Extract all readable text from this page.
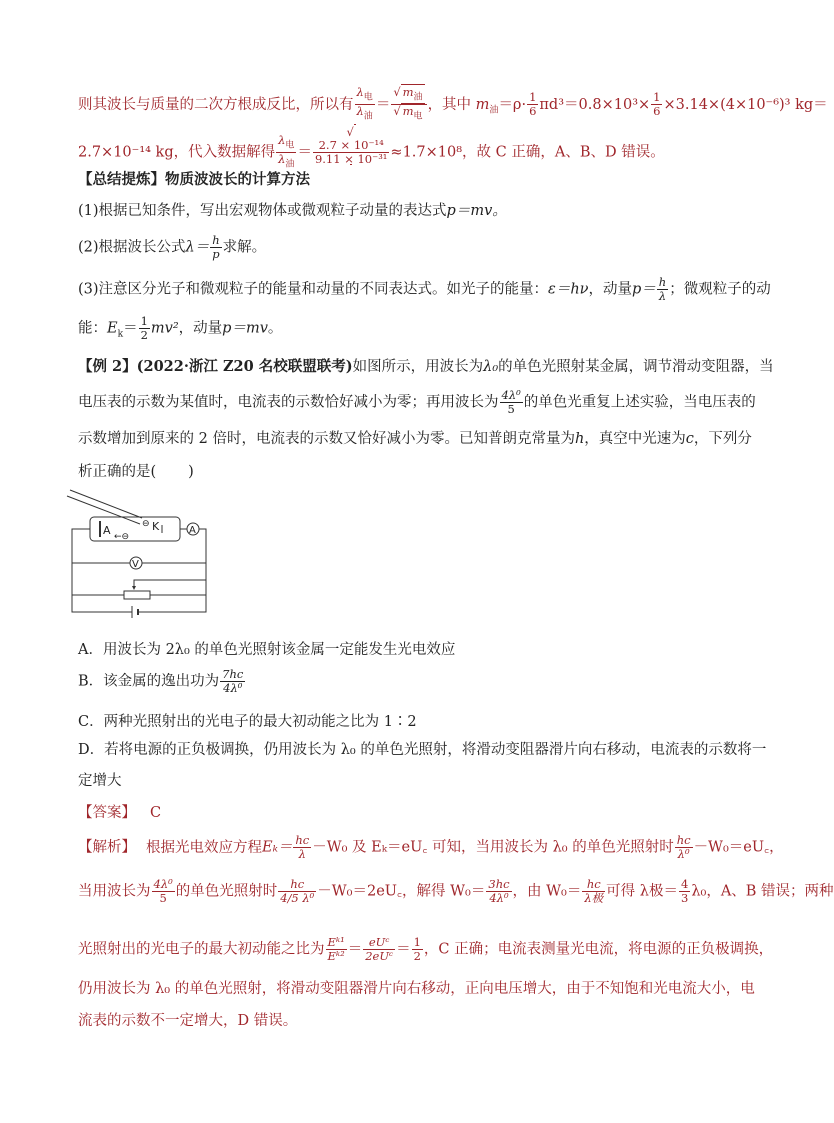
则其波长与质量的二次方根成反比，所以有 $\frac{\lambda_电}{\lambda_油} = \frac{√ m_油}{√ m_电}$ ，其中 $m_油=\rho\cdot \frac{1}{6} \pi d^3=0.8\times 10^3\times \frac{1}{6} \times 3.14\times(4\times 10^{-6})^3$ kg＝
2.7×10⁻¹⁴ kg，代入数据解得 $\frac{\lambda_电}{\lambda_油}$ ＝√
2.7 × 10⁻¹⁴
9.11 × 10⁻³¹ ≈1.7×10⁸，故 C 正确，A、B、D 错误。
【总结提炼】物质波波长的计算方法
(1)根据已知条件，写出宏观物体或微观粒子动量的表达式p＝mv。
(2)根据波长公式$\lambda= \frac{h}{p}$ 求解。
(3)注意区分光子和微观粒子的能量和动量的不同表达式。如光子的能量：ε＝hν，动量$p= \frac{h}{\lambda}$ ；微观粒子的动
能：$E_k= \frac{1}{2} mv^2$，动量p＝mv。
【例 2】(2022·浙江 Z20 名校联盟联考)如图所示，用波长为λ₀的单色光照射某金属，调节滑动变阻器，当
电压表的示数为某值时，电流表的示数恰好减小为零；再用波长为 $\frac{\text{4λ⁰}}{5}$ 的单色光重复上述实验，当电压表的
示数增加到原来的 2 倍时，电流表的示数又恰好减小为零。已知普朗克常量为h，真空中光速为c，下列分
析正确的是( )
A ←⊖
⊖ K	A
V
A．用波长为 2λ₀ 的单色光照射该金属一定能发生光电效应
B．该金属的逸出功为 $\frac{7hc}{\text{4λ⁰}}$
C．两种光照射出的光电子的最大初动能之比为 1∶2
D．若将电源的正负极调换，仍用波长为 λ₀ 的单色光照射，将滑动变阻器滑片向右移动，电流表的示数将一
定增大
【答案】 C
【解析】 根据光电效应方程$E_k= \frac{hc}{\lambda} -W_0$ 及 Eₖ＝eU꜀ 可知，当用波长为 λ₀ 的单色光照射时 $\frac{hc}{\text{λ⁰}}$ －W₀＝eU꜀，
当用波长为 $\frac{\text{4λ⁰}}{5}$ 的单色光照射时 $\frac{hc}{\text{4/5 λ⁰}}$ －W₀＝2eU꜀，解得 $W_0= \frac{3hc}{\text{4λ⁰}}$ ，由 $W_0= \frac{hc}{\text{λ极}}$ 可得 λ极＝ $\frac{4}{3} \lambda_0$，A、B 错误；两种
光照射出的光电子的最大初动能之比为 $\frac{\text{Eᵏ¹}}{\text{Eᵏ²}} = \frac{\text{eUᶜ}}{\text{2eUᶜ}} = \frac{1}{2}$ ，C 正确；电流表测量光电流，将电源的正负极调换，
仍用波长为 λ₀ 的单色光照射，将滑动变阻器滑片向右移动，正向电压增大，由于不知饱和光电流大小，电
流表的示数不一定增大，D 错误。
